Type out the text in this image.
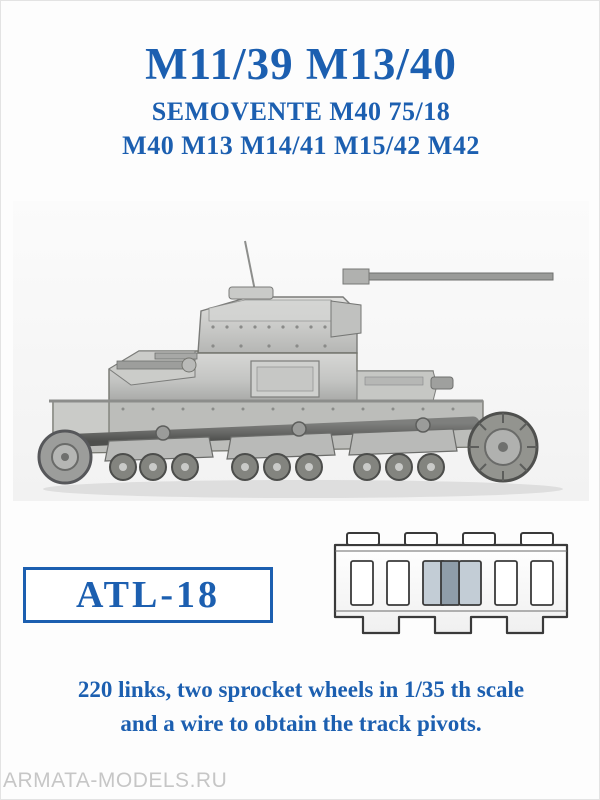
M11/39 M13/40
SEMOVENTE M40 75/18
M40 M13 M14/41 M15/42 M42
ATL-18
220 links, two sprocket wheels in 1/35 th scale
and a wire to obtain the track pivots.
ARMATA-MODELS.RU
